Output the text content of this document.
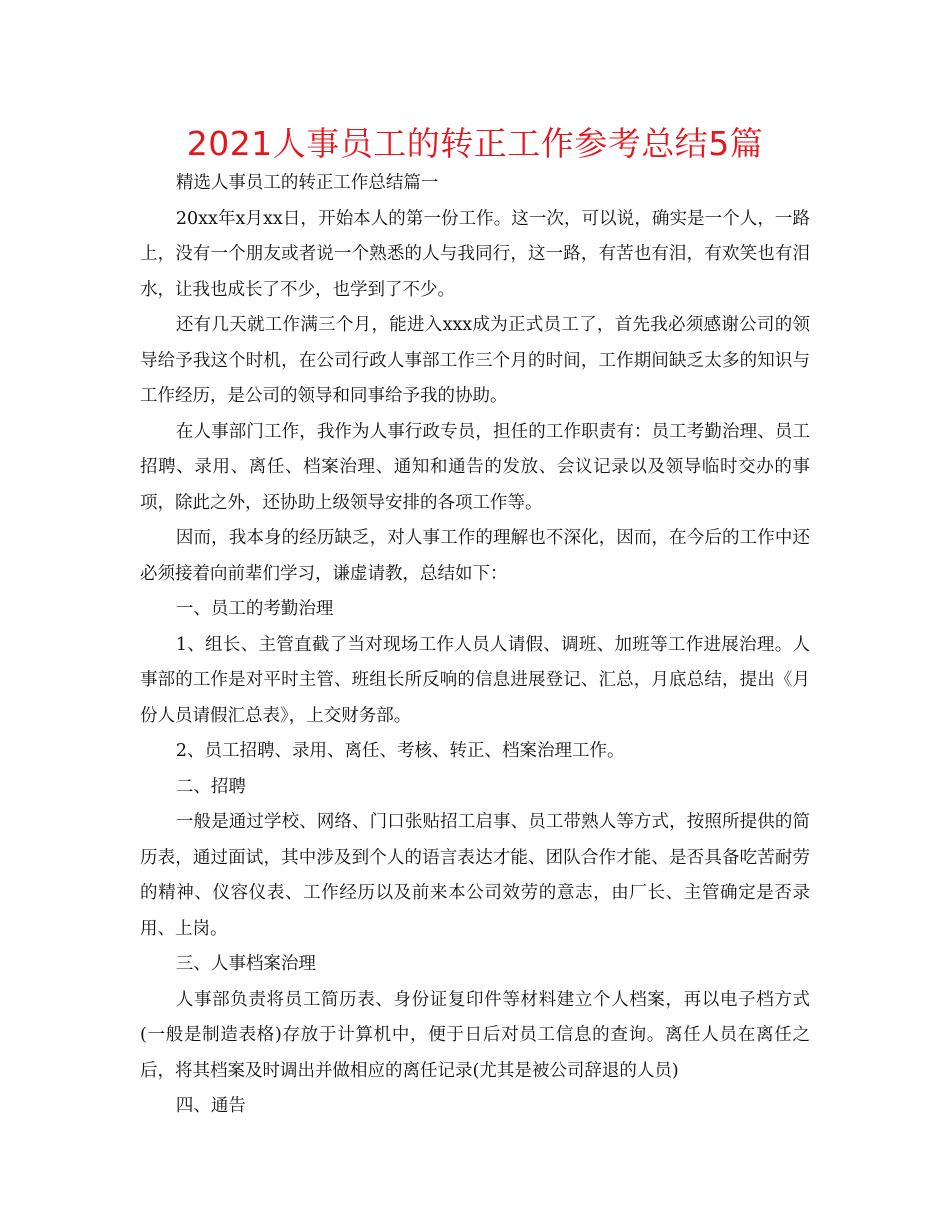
2021人事员工的转正工作参考总结5篇

精选人事员工的转正工作总结篇一

20xx年x月xx日，开始本人的第一份工作。这一次，可以说，确实是一个人，一路上，没有一个朋友或者说一个熟悉的人与我同行，这一路，有苦也有泪，有欢笑也有泪水，让我也成长了不少，也学到了不少。

还有几天就工作满三个月，能进入xxx成为正式员工了，首先我必须感谢公司的领导给予我这个时机，在公司行政人事部工作三个月的时间，工作期间缺乏太多的知识与工作经历，是公司的领导和同事给予我的协助。

在人事部门工作，我作为人事行政专员，担任的工作职责有：员工考勤治理、员工招聘、录用、离任、档案治理、通知和通告的发放、会议记录以及领导临时交办的事项，除此之外，还协助上级领导安排的各项工作等。

因而，我本身的经历缺乏，对人事工作的理解也不深化，因而，在今后的工作中还必须接着向前辈们学习，谦虚请教，总结如下：

一、员工的考勤治理

1、组长、主管直截了当对现场工作人员人请假、调班、加班等工作进展治理。人事部的工作是对平时主管、班组长所反响的信息进展登记、汇总，月底总结，提出《月份人员请假汇总表》，上交财务部。

2、员工招聘、录用、离任、考核、转正、档案治理工作。

二、招聘

一般是通过学校、网络、门口张贴招工启事、员工带熟人等方式，按照所提供的简历表，通过面试，其中涉及到个人的语言表达才能、团队合作才能、是否具备吃苦耐劳的精神、仪容仪表、工作经历以及前来本公司效劳的意志，由厂长、主管确定是否录用、上岗。

三、人事档案治理

人事部负责将员工简历表、身份证复印件等材料建立个人档案，再以电子档方式(一般是制造表格)存放于计算机中，便于日后对员工信息的查询。离任人员在离任之后，将其档案及时调出并做相应的离任记录(尤其是被公司辞退的人员)

四、通告
